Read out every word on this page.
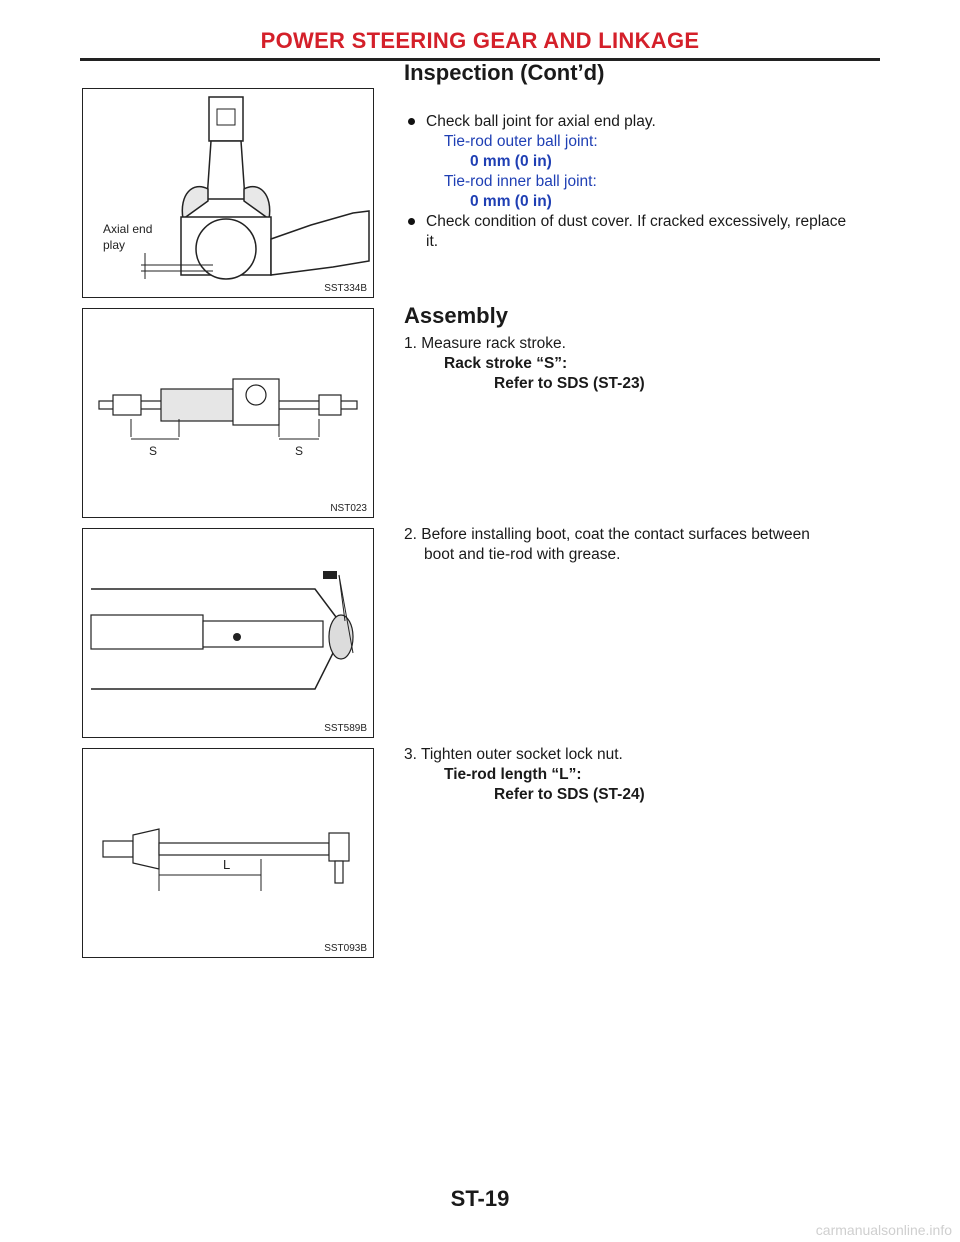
POWER STEERING GEAR AND LINKAGE
Inspection (Cont’d)
Axial end
play
SST334B
S	S
NST023
SST589B
L
SST093B
Check ball joint for axial end play.
Tie-rod outer ball joint:
0 mm (0 in)
Tie-rod inner ball joint:
0 mm (0 in)
Check condition of dust cover. If cracked excessively, replace
it.
Assembly
1. Measure rack stroke.
Rack stroke “S”:
Refer to SDS (ST-23)
2. Before installing boot, coat the contact surfaces between
boot and tie-rod with grease.
3. Tighten outer socket lock nut.
Tie-rod length “L”:
Refer to SDS (ST-24)
ST-19
carmanualsonline.info
